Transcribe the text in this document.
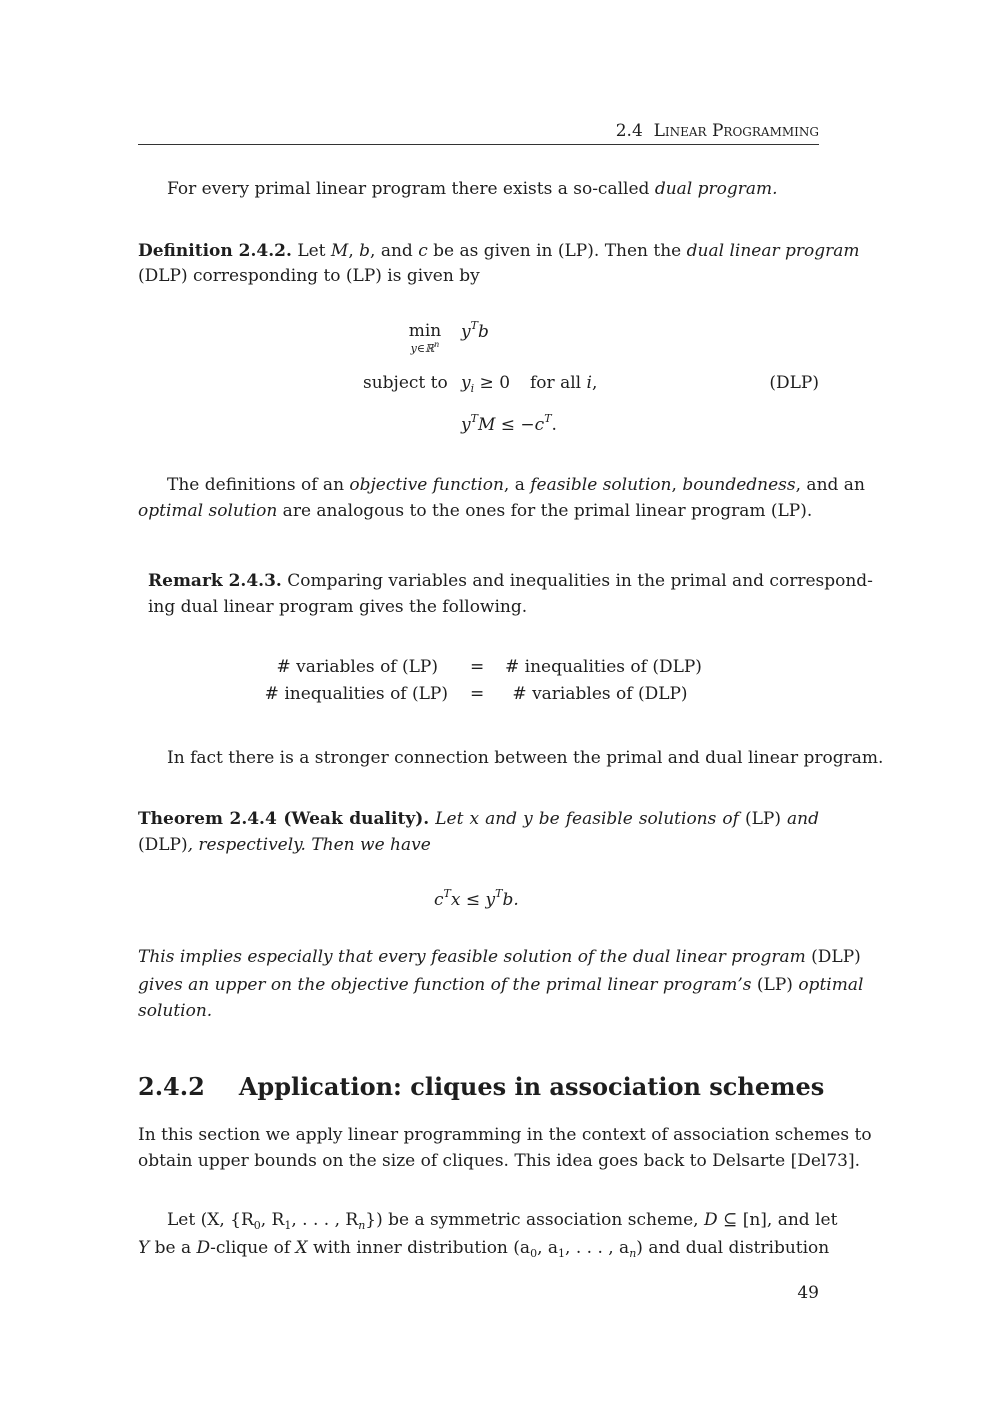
2.4 Linear Programming
For every primal linear program there exists a so-called dual program.
Definition 2.4.2. Let M, b, and c be as given in (LP). Then the dual linear program
(DLP) corresponding to (LP) is given by
min
y∈ℝ$^n$
$y^Tb$
subject to $y_i \ge 0$ for all i,	(DLP)
$y^TM \le -c^T$.
The definitions of an objective function, a feasible solution, boundedness, and an
optimal solution are analogous to the ones for the primal linear program (LP).
Remark 2.4.3. Comparing variables and inequalities in the primal and correspond-
ing dual linear program gives the following.
# variables of (LP) = # inequalities of (DLP)
# inequalities of (LP) =	# variables of (DLP)
In fact there is a stronger connection between the primal and dual linear program.
Theorem 2.4.4 (Weak duality). Let x and y be feasible solutions of (LP) and
(DLP), respectively. Then we have
$c^Tx \le y^Tb$.
This implies especially that every feasible solution of the dual linear program (DLP)
gives an upper on the objective function of the primal linear program’s (LP) optimal
solution.
2.4.2 Application: cliques in association schemes
In this section we apply linear programming in the context of association schemes to
obtain upper bounds on the size of cliques. This idea goes back to Delsarte [Del73].
Let (X, {$R_0$, $R_1$, . . . , $R_n$}) be a symmetric association scheme, D ⊆ [n], and let
Y be a D-clique of X with inner distribution ($a_0$, $a_1$, . . . , $a_n$) and dual distribution
49
